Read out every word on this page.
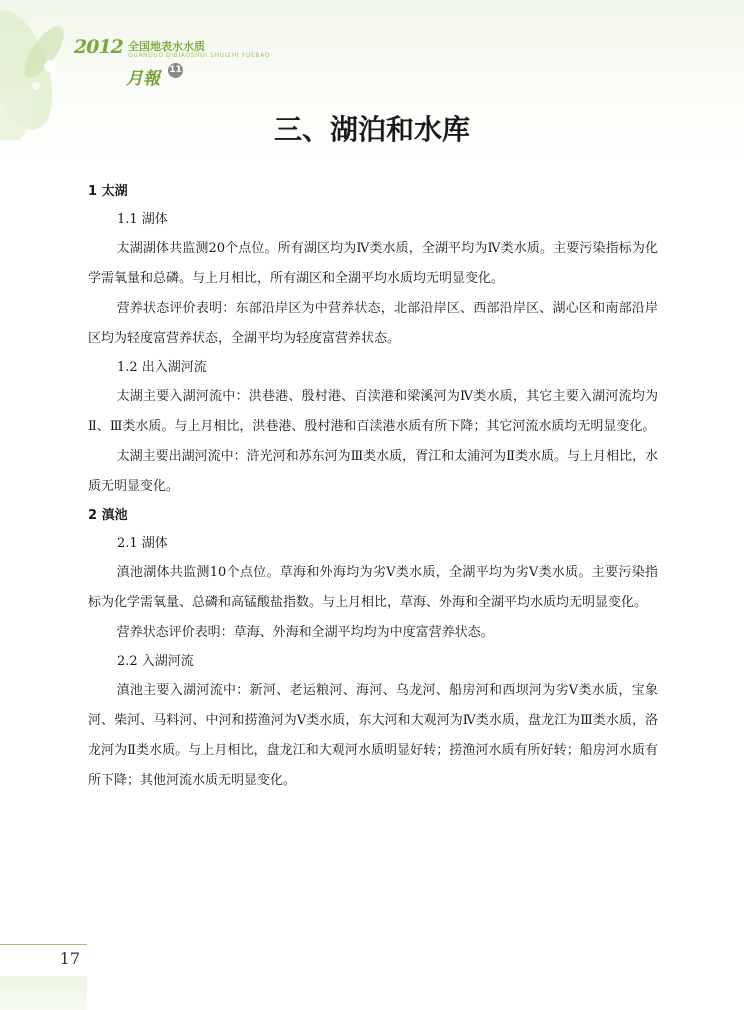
2012 全国地表水水质
QUANGUO DIBIAOSHUI SHUIZHI YUEBAO
月報 11
三、湖泊和水库
1 太湖
1.1 湖体

太湖湖体共监测20个点位。所有湖区均为Ⅳ类水质，全湖平均为Ⅳ类水质。主要污染指标为化学需氧量和总磷。与上月相比，所有湖区和全湖平均水质均无明显变化。

营养状态评价表明：东部沿岸区为中营养状态，北部沿岸区、西部沿岸区、湖心区和南部沿岸区均为轻度富营养状态，全湖平均为轻度富营养状态。

1.2 出入湖河流

太湖主要入湖河流中：洪巷港、殷村港、百渎港和梁溪河为Ⅳ类水质，其它主要入湖河流均为Ⅱ、Ⅲ类水质。与上月相比，洪巷港、殷村港和百渎港水质有所下降；其它河流水质均无明显变化。

太湖主要出湖河流中：浒光河和苏东河为Ⅲ类水质，胥江和太浦河为Ⅱ类水质。与上月相比，水质无明显变化。

2 滇池
2.1 湖体

滇池湖体共监测10个点位。草海和外海均为劣Ⅴ类水质，全湖平均为劣Ⅴ类水质。主要污染指标为化学需氧量、总磷和高锰酸盐指数。与上月相比，草海、外海和全湖平均水质均无明显变化。

营养状态评价表明：草海、外海和全湖平均均为中度富营养状态。

2.2 入湖河流

滇池主要入湖河流中：新河、老运粮河、海河、乌龙河、船房河和西坝河为劣Ⅴ类水质，宝象河、柴河、马料河、中河和捞渔河为Ⅴ类水质，东大河和大观河为Ⅳ类水质，盘龙江为Ⅲ类水质，洛龙河为Ⅱ类水质。与上月相比，盘龙江和大观河水质明显好转；捞渔河水质有所好转；船房河水质有所下降；其他河流水质无明显变化。

17
